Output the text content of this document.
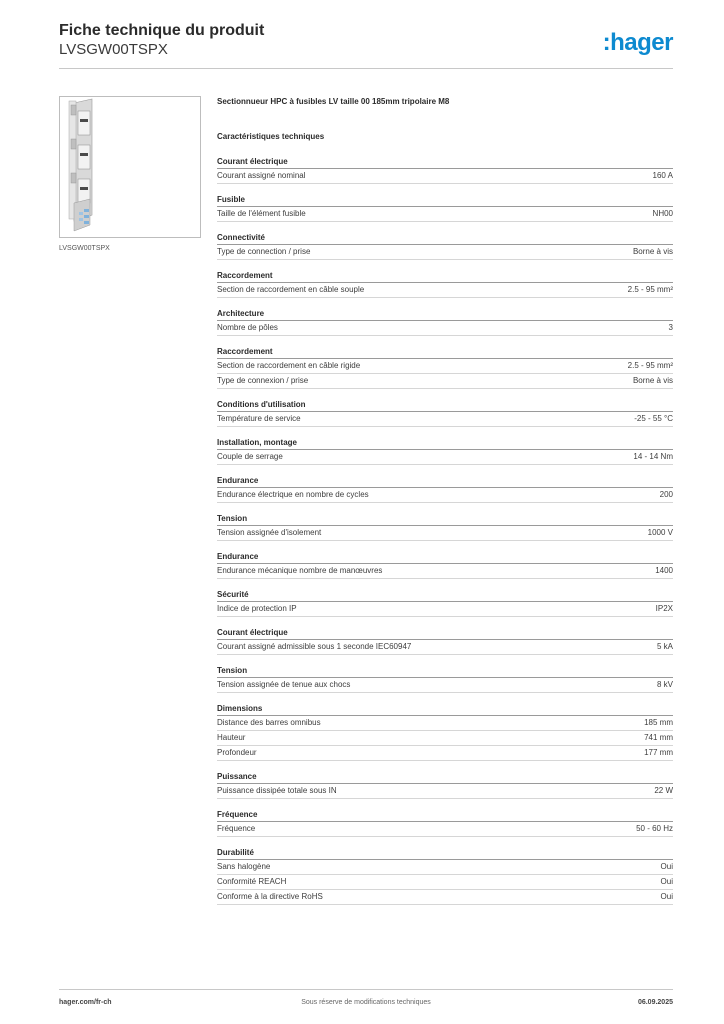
Fiche technique du produit
LVSGW00TSPX	:hager
LVSGW00TSPX
Sectionnueur HPC à fusibles LV taille 00 185mm tripolaire M8
Caractéristiques techniques
Courant électrique
Courant assigné nominal	160 A
Fusible
Taille de l'élément fusible	NH00
Connectivité
Type de connection / prise	Borne à vis
Raccordement
Section de raccordement en câble souple	2.5 - 95 mm²
Architecture
Nombre de pôles	3
Raccordement
Section de raccordement en câble rigide	2.5 - 95 mm²
Type de connexion / prise	Borne à vis
Conditions d'utilisation
Température de service	-25 - 55 °C
Installation, montage
Couple de serrage	14 - 14 Nm
Endurance
Endurance électrique en nombre de cycles	200
Tension
Tension assignée d'isolement	1000 V
Endurance
Endurance mécanique nombre de manœuvres	1400
Sécurité
Indice de protection IP	IP2X
Courant électrique
Courant assigné admissible sous 1 seconde IEC60947	5 kA
Tension
Tension assignée de tenue aux chocs	8 kV
Dimensions
Distance des barres omnibus	185 mm
Hauteur	741 mm
Profondeur	177 mm
Puissance
Puissance dissipée totale sous IN	22 W
Fréquence
Fréquence	50 - 60 Hz
Durabilité
Sans halogène	Oui
Conformité REACH	Oui
Conforme à la directive RoHS	Oui
hager.com/fr-ch	Sous réserve de modifications techniques	06.09.2025
